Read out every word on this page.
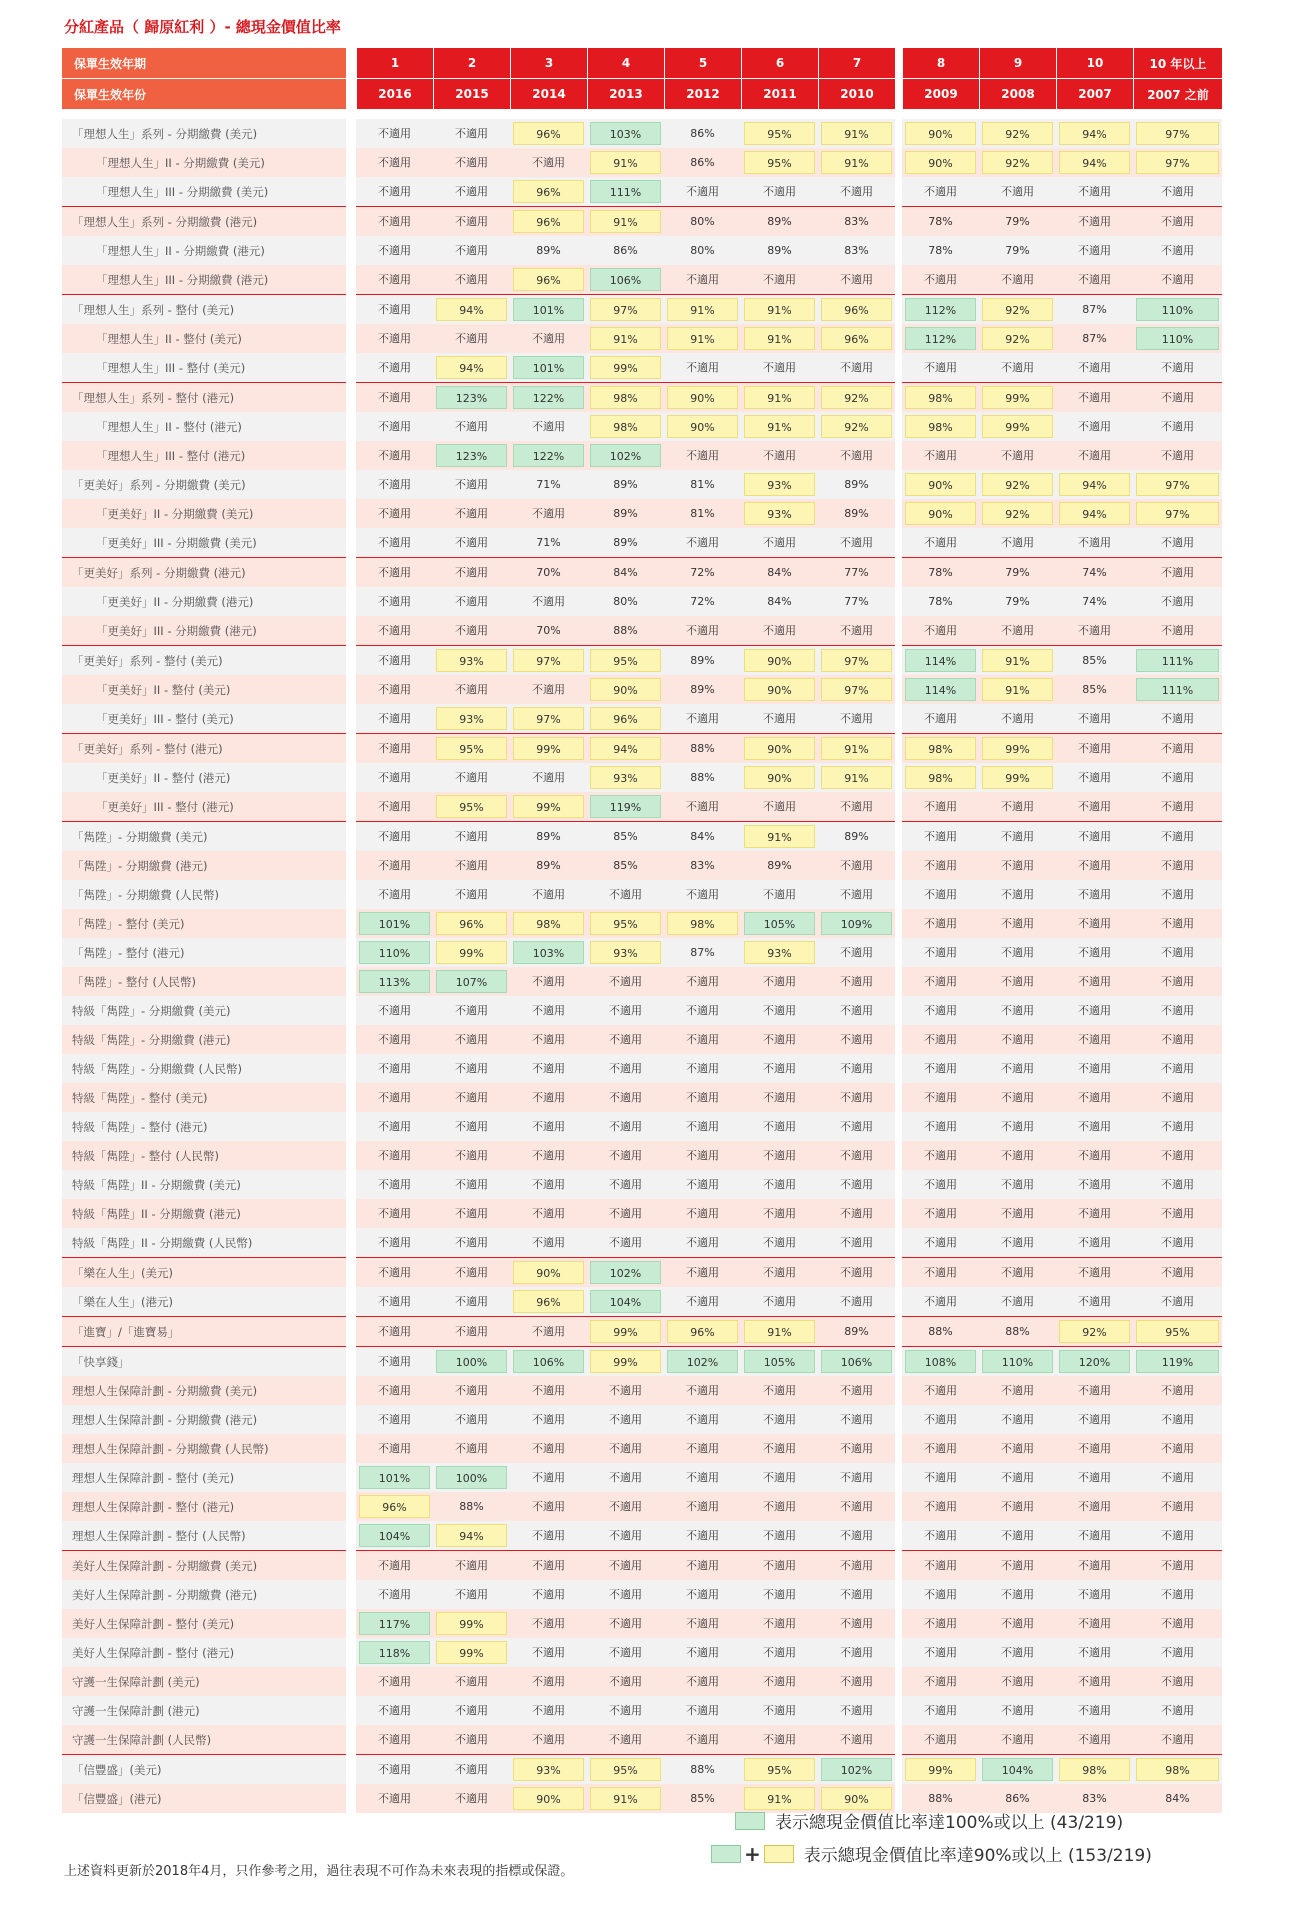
分紅產品（ 歸原紅利 ）- 總現金價值比率
保單生效年期		1	2	3	4	5	6	7		8	9	10	10 年以上
保單生效年份		2016	2015	2014	2013	2012	2011	2010		2009	2008	2007	2007 之前

「理想人生」系列 - 分期繳費 (美元)		不適用	不適用	96%	103%	86%	95%	91%		90%	92%	94%	97%

「理想人生」II - 分期繳費 (美元)		不適用	不適用	不適用	91%	86%	95%	91%		90%	92%	94%	97%

「理想人生」III - 分期繳費 (美元)		不適用	不適用	96%	111%	不適用	不適用	不適用		不適用	不適用	不適用	不適用

「理想人生」系列 - 分期繳費 (港元)		不適用	不適用	96%	91%	80%	89%	83%		78%	79%	不適用	不適用

「理想人生」II - 分期繳費 (港元)		不適用	不適用	89%	86%	80%	89%	83%		78%	79%	不適用	不適用

「理想人生」III - 分期繳費 (港元)		不適用	不適用	96%	106%	不適用	不適用	不適用		不適用	不適用	不適用	不適用

「理想人生」系列 - 整付 (美元)		不適用	94%	101%	97%	91%	91%	96%		112%	92%	87%	110%

「理想人生」II - 整付 (美元)		不適用	不適用	不適用	91%	91%	91%	96%		112%	92%	87%	110%

「理想人生」III - 整付 (美元)		不適用	94%	101%	99%	不適用	不適用	不適用		不適用	不適用	不適用	不適用

「理想人生」系列 - 整付 (港元)		不適用	123%	122%	98%	90%	91%	92%		98%	99%	不適用	不適用

「理想人生」II - 整付 (港元)		不適用	不適用	不適用	98%	90%	91%	92%		98%	99%	不適用	不適用

「理想人生」III - 整付 (港元)		不適用	123%	122%	102%	不適用	不適用	不適用		不適用	不適用	不適用	不適用

「更美好」系列 - 分期繳費 (美元)		不適用	不適用	71%	89%	81%	93%	89%		90%	92%	94%	97%

「更美好」II - 分期繳費 (美元)		不適用	不適用	不適用	89%	81%	93%	89%		90%	92%	94%	97%

「更美好」III - 分期繳費 (美元)		不適用	不適用	71%	89%	不適用	不適用	不適用		不適用	不適用	不適用	不適用

「更美好」系列 - 分期繳費 (港元)		不適用	不適用	70%	84%	72%	84%	77%		78%	79%	74%	不適用

「更美好」II - 分期繳費 (港元)		不適用	不適用	不適用	80%	72%	84%	77%		78%	79%	74%	不適用

「更美好」III - 分期繳費 (港元)		不適用	不適用	70%	88%	不適用	不適用	不適用		不適用	不適用	不適用	不適用

「更美好」系列 - 整付 (美元)		不適用	93%	97%	95%	89%	90%	97%		114%	91%	85%	111%

「更美好」II - 整付 (美元)		不適用	不適用	不適用	90%	89%	90%	97%		114%	91%	85%	111%

「更美好」III - 整付 (美元)		不適用	93%	97%	96%	不適用	不適用	不適用		不適用	不適用	不適用	不適用

「更美好」系列 - 整付 (港元)		不適用	95%	99%	94%	88%	90%	91%		98%	99%	不適用	不適用

「更美好」II - 整付 (港元)		不適用	不適用	不適用	93%	88%	90%	91%		98%	99%	不適用	不適用

「更美好」III - 整付 (港元)		不適用	95%	99%	119%	不適用	不適用	不適用		不適用	不適用	不適用	不適用

「雋陞」- 分期繳費 (美元)		不適用	不適用	89%	85%	84%	91%	89%		不適用	不適用	不適用	不適用

「雋陞」- 分期繳費 (港元)		不適用	不適用	89%	85%	83%	89%	不適用		不適用	不適用	不適用	不適用

「雋陞」- 分期繳費 (人民幣)		不適用	不適用	不適用	不適用	不適用	不適用	不適用		不適用	不適用	不適用	不適用

「雋陞」- 整付 (美元)		101%	96%	98%	95%	98%	105%	109%		不適用	不適用	不適用	不適用

「雋陞」- 整付 (港元)		110%	99%	103%	93%	87%	93%	不適用		不適用	不適用	不適用	不適用

「雋陞」- 整付 (人民幣)		113%	107%	不適用	不適用	不適用	不適用	不適用		不適用	不適用	不適用	不適用

特級「雋陞」- 分期繳費 (美元)		不適用	不適用	不適用	不適用	不適用	不適用	不適用		不適用	不適用	不適用	不適用

特級「雋陞」- 分期繳費 (港元)		不適用	不適用	不適用	不適用	不適用	不適用	不適用		不適用	不適用	不適用	不適用

特級「雋陞」- 分期繳費 (人民幣)		不適用	不適用	不適用	不適用	不適用	不適用	不適用		不適用	不適用	不適用	不適用

特級「雋陞」- 整付 (美元)		不適用	不適用	不適用	不適用	不適用	不適用	不適用		不適用	不適用	不適用	不適用

特級「雋陞」- 整付 (港元)		不適用	不適用	不適用	不適用	不適用	不適用	不適用		不適用	不適用	不適用	不適用

特級「雋陞」- 整付 (人民幣)		不適用	不適用	不適用	不適用	不適用	不適用	不適用		不適用	不適用	不適用	不適用

特級「雋陞」II - 分期繳費 (美元)		不適用	不適用	不適用	不適用	不適用	不適用	不適用		不適用	不適用	不適用	不適用

特級「雋陞」II - 分期繳費 (港元)		不適用	不適用	不適用	不適用	不適用	不適用	不適用		不適用	不適用	不適用	不適用

特級「雋陞」II - 分期繳費 (人民幣)		不適用	不適用	不適用	不適用	不適用	不適用	不適用		不適用	不適用	不適用	不適用

「樂在人生」(美元)		不適用	不適用	90%	102%	不適用	不適用	不適用		不適用	不適用	不適用	不適用

「樂在人生」(港元)		不適用	不適用	96%	104%	不適用	不適用	不適用		不適用	不適用	不適用	不適用

「進寶」/「進寶易」		不適用	不適用	不適用	99%	96%	91%	89%		88%	88%	92%	95%

「快享錢」		不適用	100%	106%	99%	102%	105%	106%		108%	110%	120%	119%

理想人生保障計劃 - 分期繳費 (美元)		不適用	不適用	不適用	不適用	不適用	不適用	不適用		不適用	不適用	不適用	不適用

理想人生保障計劃 - 分期繳費 (港元)		不適用	不適用	不適用	不適用	不適用	不適用	不適用		不適用	不適用	不適用	不適用

理想人生保障計劃 - 分期繳費 (人民幣)		不適用	不適用	不適用	不適用	不適用	不適用	不適用		不適用	不適用	不適用	不適用

理想人生保障計劃 - 整付 (美元)		101%	100%	不適用	不適用	不適用	不適用	不適用		不適用	不適用	不適用	不適用

理想人生保障計劃 - 整付 (港元)		96%	88%	不適用	不適用	不適用	不適用	不適用		不適用	不適用	不適用	不適用

理想人生保障計劃 - 整付 (人民幣)		104%	94%	不適用	不適用	不適用	不適用	不適用		不適用	不適用	不適用	不適用

美好人生保障計劃 - 分期繳費 (美元)		不適用	不適用	不適用	不適用	不適用	不適用	不適用		不適用	不適用	不適用	不適用

美好人生保障計劃 - 分期繳費 (港元)		不適用	不適用	不適用	不適用	不適用	不適用	不適用		不適用	不適用	不適用	不適用

美好人生保障計劃 - 整付 (美元)		117%	99%	不適用	不適用	不適用	不適用	不適用		不適用	不適用	不適用	不適用

美好人生保障計劃 - 整付 (港元)		118%	99%	不適用	不適用	不適用	不適用	不適用		不適用	不適用	不適用	不適用

守護一生保障計劃 (美元)		不適用	不適用	不適用	不適用	不適用	不適用	不適用		不適用	不適用	不適用	不適用

守護一生保障計劃 (港元)		不適用	不適用	不適用	不適用	不適用	不適用	不適用		不適用	不適用	不適用	不適用

守護一生保障計劃 (人民幣)		不適用	不適用	不適用	不適用	不適用	不適用	不適用		不適用	不適用	不適用	不適用

「信豐盛」(美元)		不適用	不適用	93%	95%	88%	95%	102%		99%	104%	98%	98%

「信豐盛」(港元)		不適用	不適用	90%	91%	85%	91%	90%		88%	86%	83%	84%
表示總現金價值比率達100%或以上 (43/219)
+	表示總現金價值比率達90%或以上 (153/219)
上述資料更新於2018年4月，只作參考之用，過往表現不可作為未來表現的指標或保證。
